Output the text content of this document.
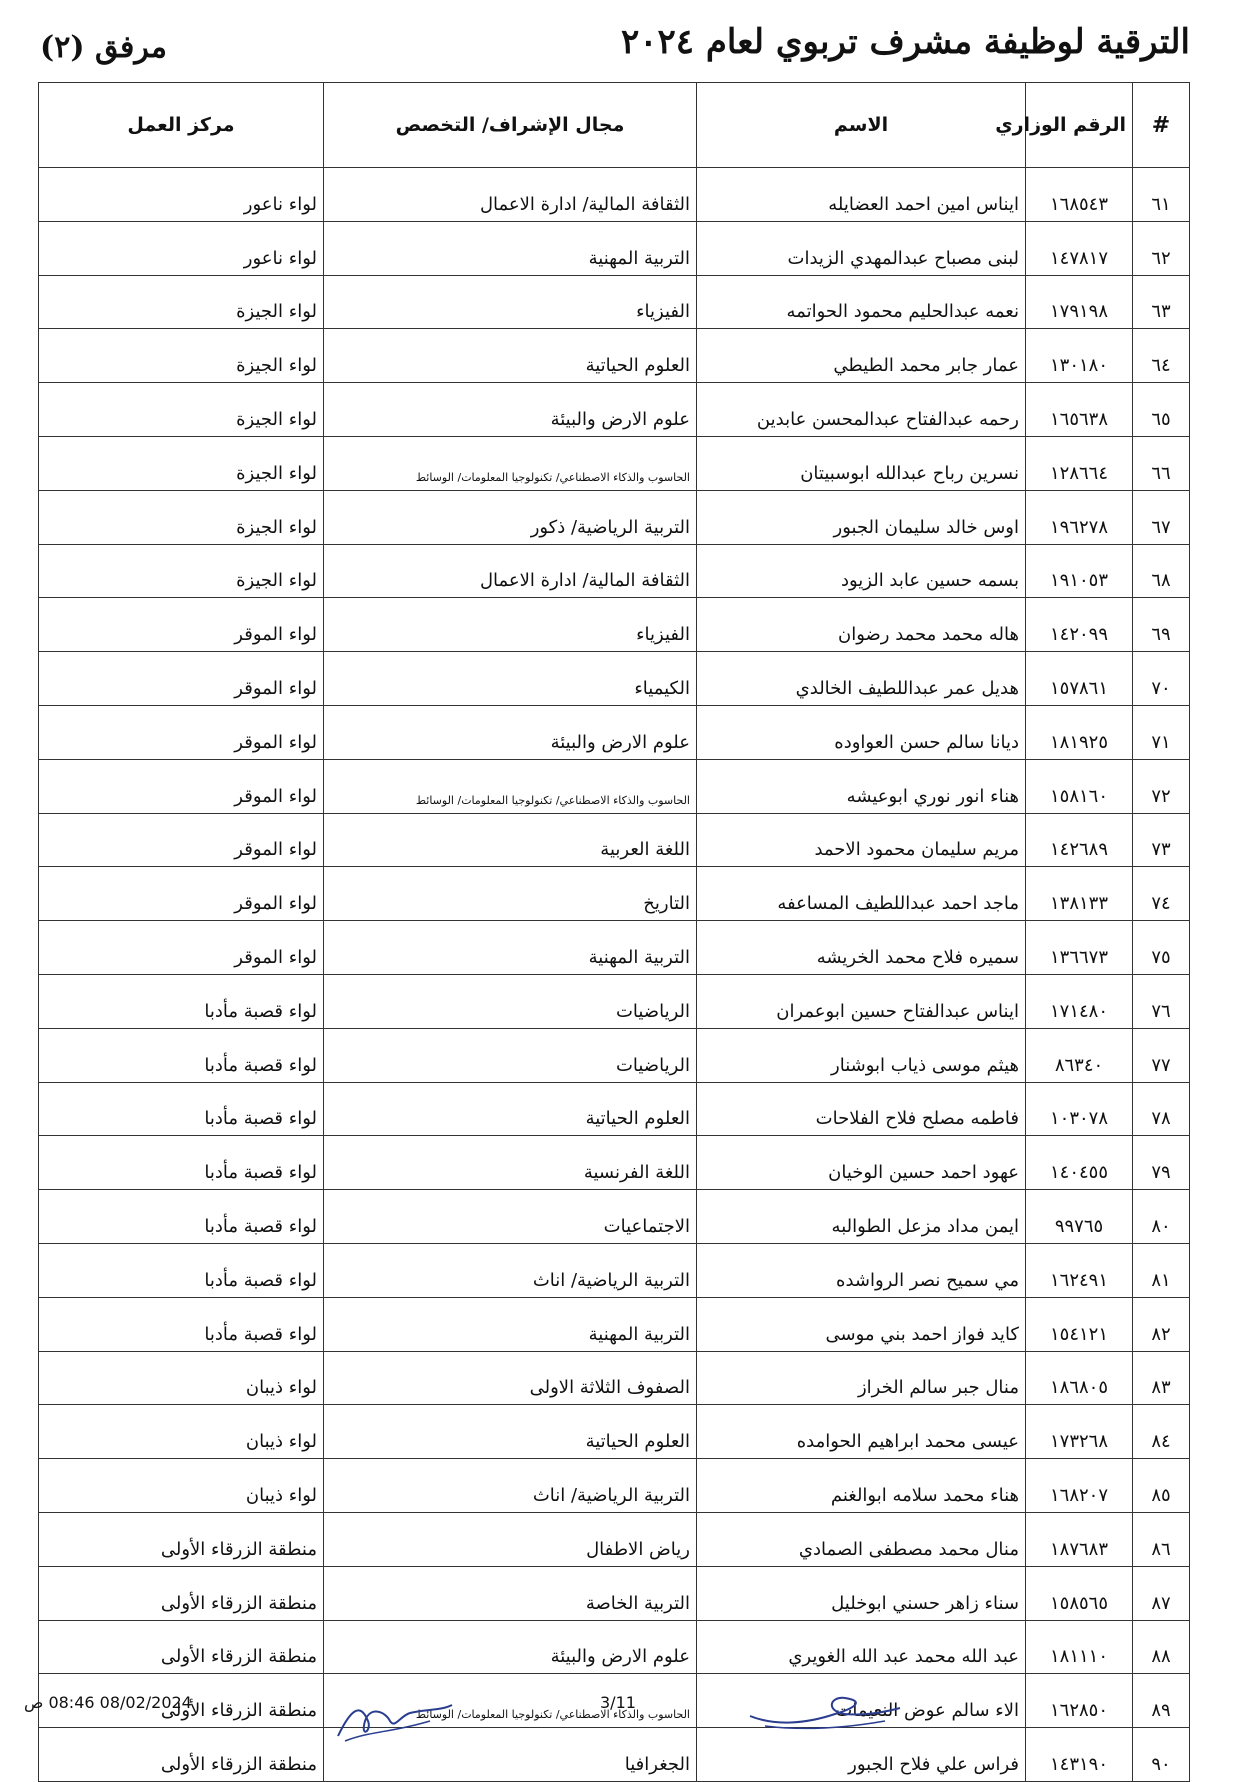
الترقية لوظيفة مشرف تربوي لعام ٢٠٢٤
مرفق (٢)
#	الرقم الوزاري	الاسم	مجال الإشراف/ التخصص	مركز العمل
٦١	١٦٨٥٤٣	ايناس امين احمد العضايله	الثقافة المالية/ ادارة الاعمال	لواء ناعور
٦٢	١٤٧٨١٧	لبنى مصباح عبدالمهدي الزيدات	التربية المهنية	لواء ناعور
٦٣	١٧٩١٩٨	نعمه عبدالحليم محمود الحواتمه	الفيزياء	لواء الجيزة
٦٤	١٣٠١٨٠	عمار جابر محمد الطيطي	العلوم الحياتية	لواء الجيزة
٦٥	١٦٥٦٣٨	رحمه عبدالفتاح عبدالمحسن عابدين	علوم الارض والبيئة	لواء الجيزة
٦٦	١٢٨٦٦٤	نسرين رباح عبدالله ابوسبيتان	الحاسوب والذكاء الاصطناعي/ تكنولوجيا المعلومات/ الوسائط	لواء الجيزة
٦٧	١٩٦٢٧٨	اوس خالد سليمان الجبور	التربية الرياضية/ ذكور	لواء الجيزة
٦٨	١٩١٠٥٣	بسمه حسين عابد الزيود	الثقافة المالية/ ادارة الاعمال	لواء الجيزة
٦٩	١٤٢٠٩٩	هاله محمد محمد رضوان	الفيزياء	لواء الموقر
٧٠	١٥٧٨٦١	هديل عمر عبداللطيف الخالدي	الكيمياء	لواء الموقر
٧١	١٨١٩٢٥	ديانا سالم حسن العواوده	علوم الارض والبيئة	لواء الموقر
٧٢	١٥٨١٦٠	هناء انور نوري ابوعيشه	الحاسوب والذكاء الاصطناعي/ تكنولوجيا المعلومات/ الوسائط	لواء الموقر
٧٣	١٤٢٦٨٩	مريم سليمان محمود الاحمد	اللغة العربية	لواء الموقر
٧٤	١٣٨١٣٣	ماجد احمد عبداللطيف المساعفه	التاريخ	لواء الموقر
٧٥	١٣٦٦٧٣	سميره فلاح محمد الخريشه	التربية المهنية	لواء الموقر
٧٦	١٧١٤٨٠	ايناس عبدالفتاح حسين ابوعمران	الرياضيات	لواء قصبة مأدبا
٧٧	٨٦٣٤٠	هيثم موسى ذياب ابوشنار	الرياضيات	لواء قصبة مأدبا
٧٨	١٠٣٠٧٨	فاطمه مصلح فلاح الفلاحات	العلوم الحياتية	لواء قصبة مأدبا
٧٩	١٤٠٤٥٥	عهود احمد حسين الوخيان	اللغة الفرنسية	لواء قصبة مأدبا
٨٠	٩٩٧٦٥	ايمن مداد مزعل الطوالبه	الاجتماعيات	لواء قصبة مأدبا
٨١	١٦٢٤٩١	مي سميح نصر الرواشده	التربية الرياضية/ اناث	لواء قصبة مأدبا
٨٢	١٥٤١٢١	كايد فواز احمد بني موسى	التربية المهنية	لواء قصبة مأدبا
٨٣	١٨٦٨٠٥	منال جبر سالم الخراز	الصفوف الثلاثة الاولى	لواء ذيبان
٨٤	١٧٣٢٦٨	عيسى محمد ابراهيم الحوامده	العلوم الحياتية	لواء ذيبان
٨٥	١٦٨٢٠٧	هناء محمد سلامه ابوالغنم	التربية الرياضية/ اناث	لواء ذيبان
٨٦	١٨٧٦٨٣	منال محمد مصطفى الصمادي	رياض الاطفال	منطقة الزرقاء الأولى
٨٧	١٥٨٥٦٥	سناء زاهر حسني ابوخليل	التربية الخاصة	منطقة الزرقاء الأولى
٨٨	١٨١١١٠	عبد الله محمد عبد الله الغويري	علوم الارض والبيئة	منطقة الزرقاء الأولى
٨٩	١٦٢٨٥٠	الاء سالم عوض النعيمات	الحاسوب والذكاء الاصطناعي/ تكنولوجيا المعلومات/ الوسائط	منطقة الزرقاء الأولى
٩٠	١٤٣١٩٠	فراس علي فلاح الجبور	الجغرافيا	منطقة الزرقاء الأولى
08/02/2024 08:46 ص	3/11
